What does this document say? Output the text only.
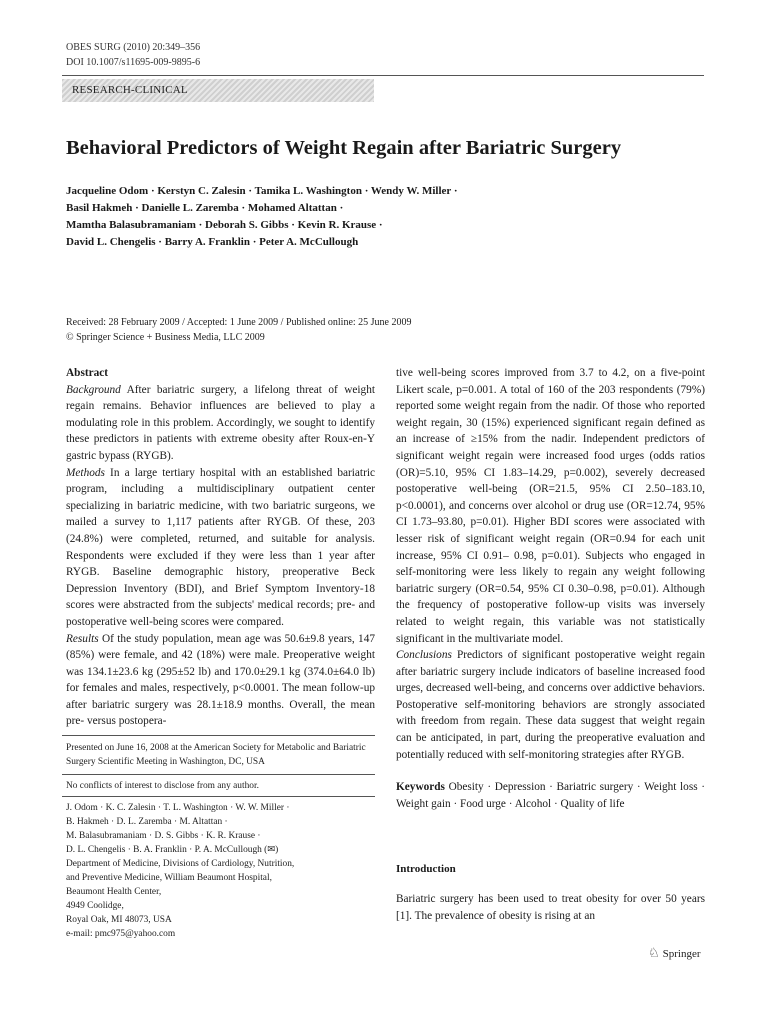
OBES SURG (2010) 20:349–356
DOI 10.1007/s11695-009-9895-6
RESEARCH-CLINICAL
Behavioral Predictors of Weight Regain after Bariatric Surgery
Jacqueline Odom · Kerstyn C. Zalesin · Tamika L. Washington · Wendy W. Miller ·
Basil Hakmeh · Danielle L. Zaremba · Mohamed Altattan ·
Mamtha Balasubramaniam · Deborah S. Gibbs · Kevin R. Krause ·
David L. Chengelis · Barry A. Franklin · Peter A. McCullough
Received: 28 February 2009 / Accepted: 1 June 2009 / Published online: 25 June 2009
© Springer Science + Business Media, LLC 2009

Abstract

Background After bariatric surgery, a lifelong threat of weight regain remains. Behavior influences are believed to play a modulating role in this problem. Accordingly, we sought to identify these predictors in patients with extreme obesity after Roux-en-Y gastric bypass (RYGB).

Methods In a large tertiary hospital with an established bariatric program, including a multidisciplinary outpatient center specializing in bariatric medicine, with two bariatric surgeons, we mailed a survey to 1,117 patients after RYGB. Of these, 203 (24.8%) were completed, returned, and suitable for analysis. Respondents were excluded if they were less than 1 year after RYGB. Baseline demographic history, preoperative Beck Depression Inventory (BDI), and Brief Symptom Inventory-18 scores were abstracted from the subjects' medical records; pre- and postoperative well-being scores were compared.

Results Of the study population, mean age was 50.6±9.8 years, 147 (85%) were female, and 42 (18%) were male. Preoperative weight was 134.1±23.6 kg (295±52 lb) and 170.0±29.1 kg (374.0±64.0 lb) for females and males, respectively, p<0.0001. The mean follow-up after bariatric surgery was 28.1±18.9 months. Overall, the mean pre- versus postopera-

Presented on June 16, 2008 at the American Society for Metabolic and Bariatric Surgery Scientific Meeting in Washington, DC, USA
No conflicts of interest to disclose from any author.
J. Odom · K. C. Zalesin · T. L. Washington · W. W. Miller ·
B. Hakmeh · D. L. Zaremba · M. Altattan ·
M. Balasubramaniam · D. S. Gibbs · K. R. Krause ·
D. L. Chengelis · B. A. Franklin · P. A. McCullough (✉)
Department of Medicine, Divisions of Cardiology, Nutrition,
and Preventive Medicine, William Beaumont Hospital,
Beaumont Health Center,
4949 Coolidge,
Royal Oak, MI 48073, USA
e-mail: pmc975@yahoo.com

tive well-being scores improved from 3.7 to 4.2, on a five-point Likert scale, p=0.001. A total of 160 of the 203 respondents (79%) reported some weight regain from the nadir. Of those who reported weight regain, 30 (15%) experienced significant regain defined as an increase of ≥15% from the nadir. Independent predictors of significant weight regain were increased food urges (odds ratios (OR)=5.10, 95% CI 1.83–14.29, p=0.002), severely decreased postoperative well-being (OR=21.5, 95% CI 2.50–183.10, p<0.0001), and concerns over alcohol or drug use (OR=12.74, 95% CI 1.73–93.80, p=0.01). Higher BDI scores were associated with lesser risk of significant weight regain (OR=0.94 for each unit increase, 95% CI 0.91– 0.98, p=0.01). Subjects who engaged in self-monitoring were less likely to regain any weight following bariatric surgery (OR=0.54, 95% CI 0.30–0.98, p=0.01). Although the frequency of postoperative follow-up visits was inversely related to weight regain, this variable was not statistically significant in the multivariate model.

Conclusions Predictors of significant postoperative weight regain after bariatric surgery include indicators of baseline increased food urges, decreased well-being, and concerns over addictive behaviors. Postoperative self-monitoring behaviors are strongly associated with freedom from regain. These data suggest that weight regain can be anticipated, in part, during the preoperative evaluation and potentially reduced with self-monitoring strategies after RYGB.

Keywords Obesity · Depression · Bariatric surgery · Weight loss · Weight gain · Food urge · Alcohol · Quality of life

Introduction
Bariatric surgery has been used to treat obesity for over 50 years [1]. The prevalence of obesity is rising at an
♘ Springer
